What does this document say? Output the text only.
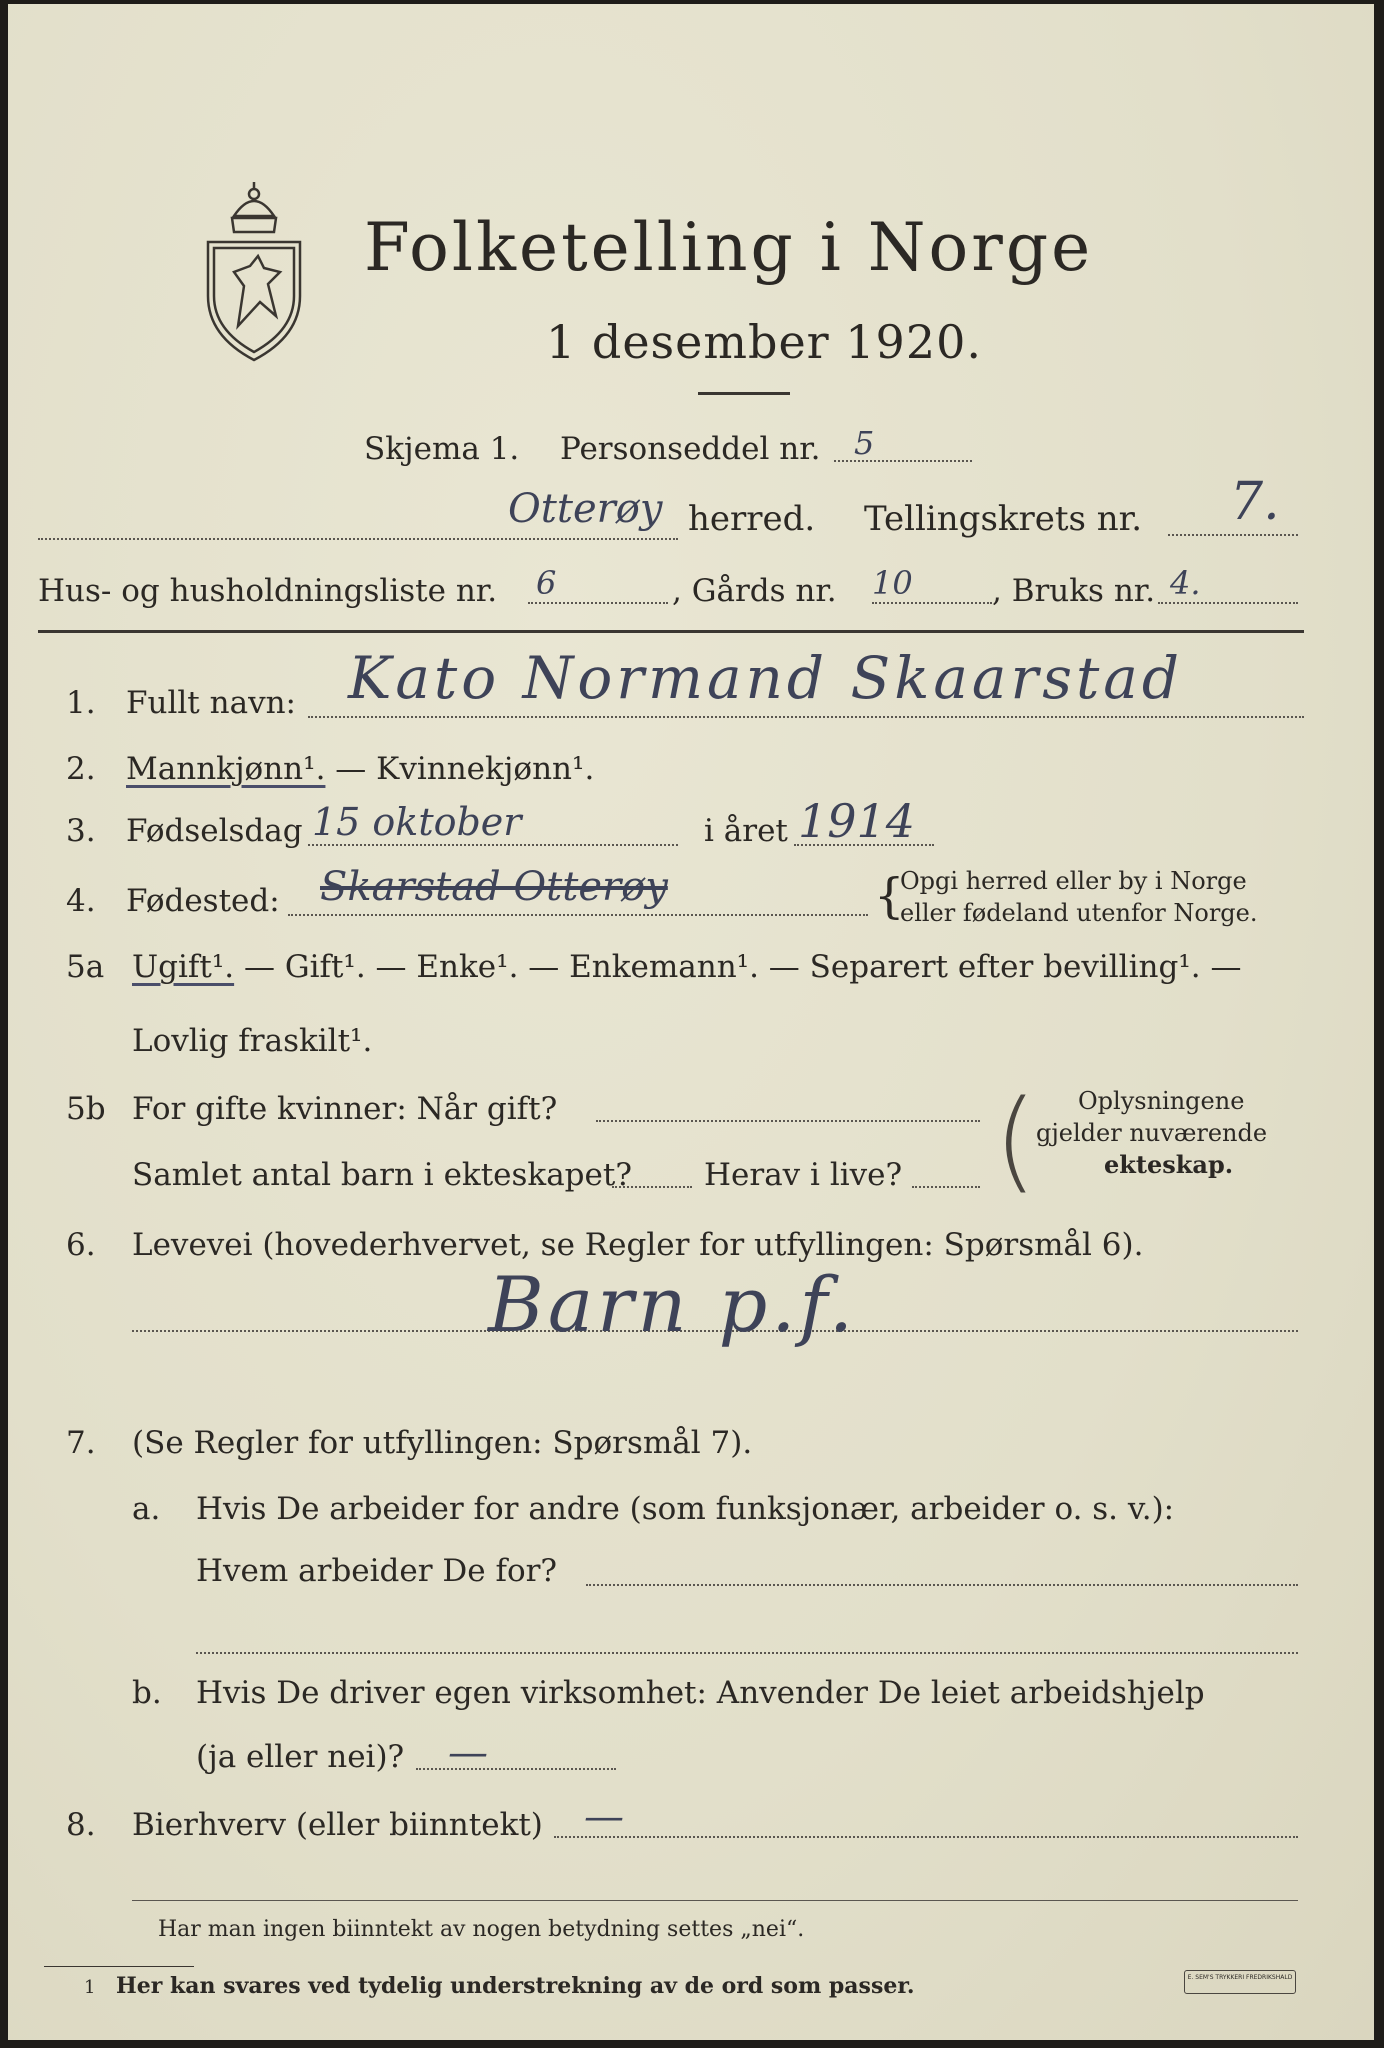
Folketelling i Norge
1 desember 1920.
Skjema 1. Personseddel nr. 5
Otterøy herred. Tellingskrets nr. 7.
Hus- og husholdningsliste nr. 6	, Gårds nr. 10	, Bruks nr. 4.
1. Fullt navn: Kato Normand Skaarstad
2. Mannkjønn¹. — Kvinnekjønn¹.
3. Fødselsdag 15 oktober	i året 1914
4. Fødested: Skarstad Otterøy	{
Opgi herred eller by i Norge
eller fødeland utenfor Norge.
5a Ugift¹. — Gift¹. — Enke¹. — Enkemann¹. — Separert efter bevilling¹. —
Lovlig fraskilt¹.
5b For gifte kvinner: Når gift?
Samlet antal barn i ekteskapet? Herav i live? ( Oplysningene
gjelder nuværende
ekteskap.
6. Levevei (hovederhvervet, se Regler for utfyllingen: Spørsmål 6).
Barn p.f.
7. (Se Regler for utfyllingen: Spørsmål 7).
a. Hvis De arbeider for andre (som funksjonær, arbeider o. s. v.):
Hvem arbeider De for?
b. Hvis De driver egen virksomhet: Anvender De leiet arbeidshjelp
(ja eller nei)? —
8. Bierhverv (eller biinntekt) —
Har man ingen biinntekt av nogen betydning settes „nei“.
1 Her kan svares ved tydelig understrekning av de ord som passer.	E. SEM'S TRYKKERI FREDRIKSHALD
